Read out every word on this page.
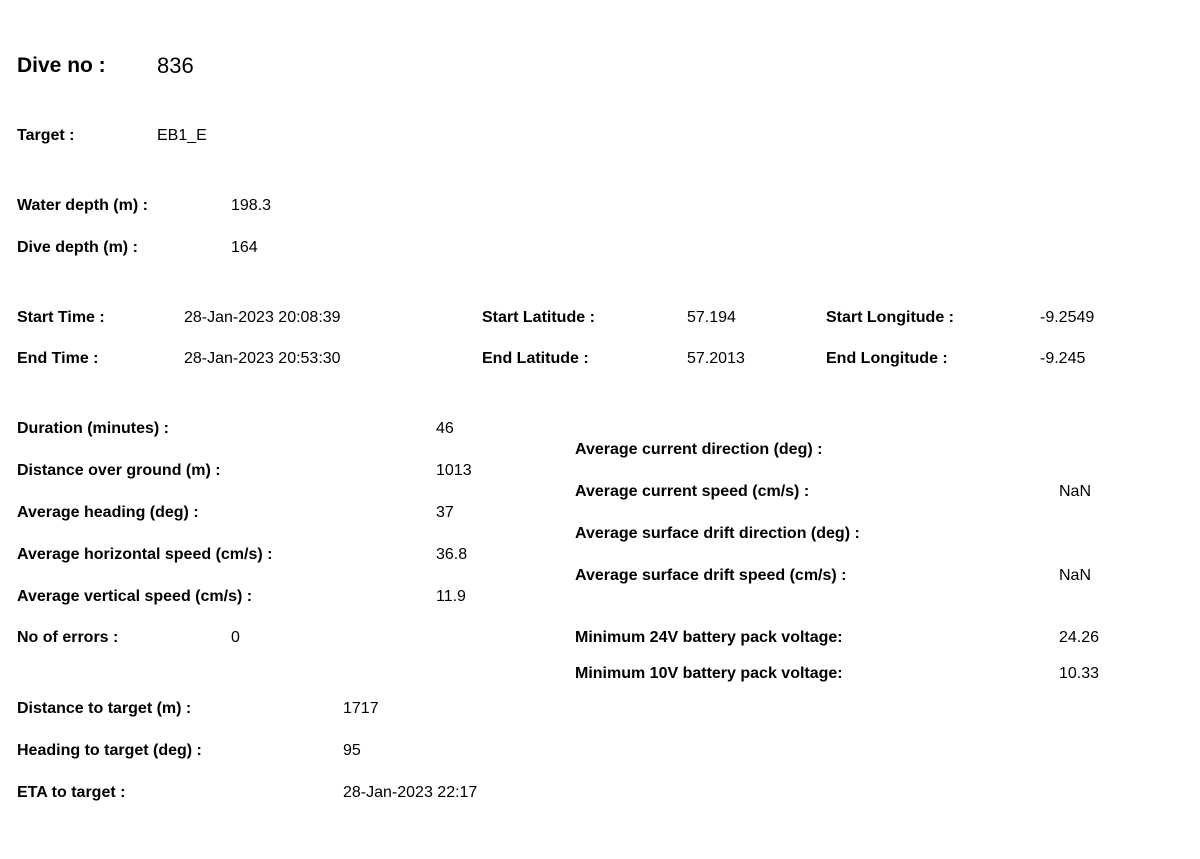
Dive no : 836
Target :	EB1_E
Water depth (m) :	198.3
Dive depth (m) :	164
Start Time :	28-Jan-2023 20:08:39	Start Latitude :	57.194	Start Longitude :	-9.2549
End Time :	28-Jan-2023 20:53:30	End Latitude :	57.2013	End Longitude :	-9.245
Duration (minutes) :	46
Distance over ground (m) :	1013
Average heading (deg) :	37
Average horizontal speed (cm/s) :	36.8
Average vertical speed (cm/s) :	11.9
No of errors :	0
Average current direction (deg) :
Average current speed (cm/s) :	NaN
Average surface drift direction (deg) :
Average surface drift speed (cm/s) :	NaN
Minimum 24V battery pack voltage:	24.26
Minimum 10V battery pack voltage:	10.33
Distance to target (m) :	1717
Heading to target (deg) :	95
ETA to target :	28-Jan-2023 22:17
